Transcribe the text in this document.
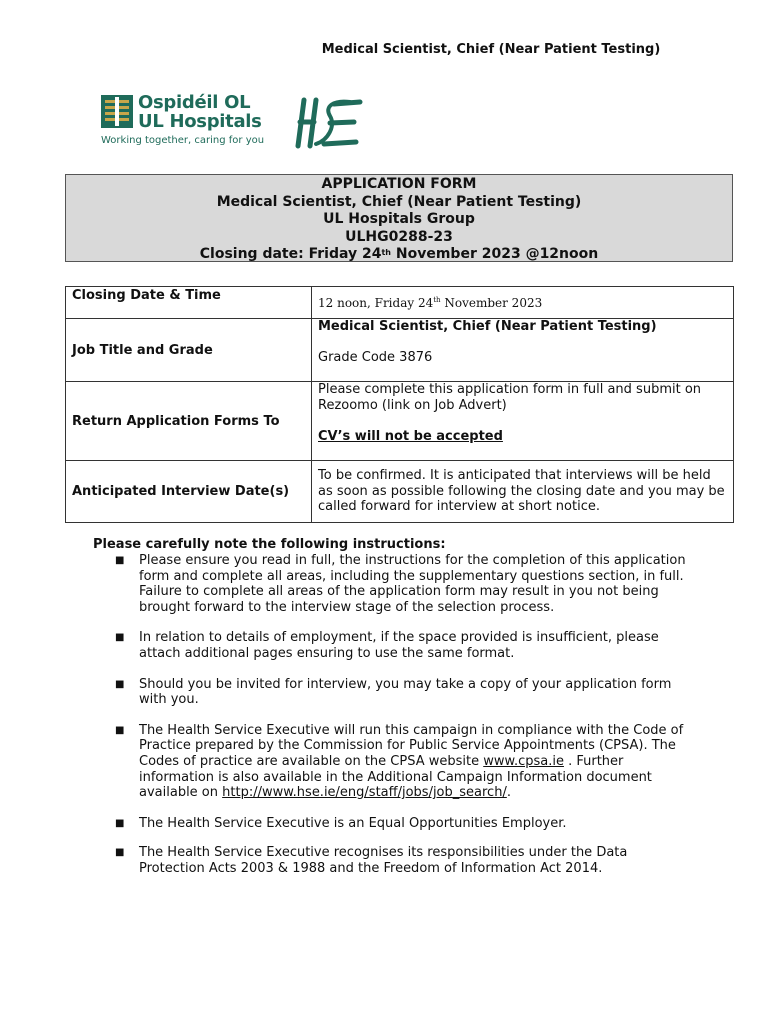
Medical Scientist, Chief (Near Patient Testing)
Ospidéil OL
UL Hospitals
Working together, caring for you
APPLICATION FORM
Medical Scientist, Chief (Near Patient Testing)
UL Hospitals Group
ULHG0288-23
Closing date: Friday 24th November 2023 @12noon
Closing Date & Time	12 noon, Friday 24th November 2023
Job Title and Grade	Medical Scientist, Chief (Near Patient Testing)
Grade Code 3876

Return Application Forms To	Please complete this application form in full and submit on Rezoomo (link on Job Advert)
CV’s will not be accepted

Anticipated Interview Date(s)	To be confirmed. It is anticipated that interviews will be held as soon as possible following the closing date and you may be called forward for interview at short notice.

Please carefully note the following instructions:

■ Please ensure you read in full, the instructions for the completion of this application form and complete all areas, including the supplementary questions section, in full. Failure to complete all areas of the application form may result in you not being brought forward to the interview stage of the selection process.
■ In relation to details of employment, if the space provided is insufficient, please attach additional pages ensuring to use the same format.
■ Should you be invited for interview, you may take a copy of your application form with you.
■ The Health Service Executive will run this campaign in compliance with the Code of Practice prepared by the Commission for Public Service Appointments (CPSA). The Codes of practice are available on the CPSA website www.cpsa.ie . Further information is also available in the Additional Campaign Information document available on http://www.hse.ie/eng/staff/jobs/job_search/.
■ The Health Service Executive is an Equal Opportunities Employer.
■ The Health Service Executive recognises its responsibilities under the Data Protection Acts 2003 & 1988 and the Freedom of Information Act 2014.
